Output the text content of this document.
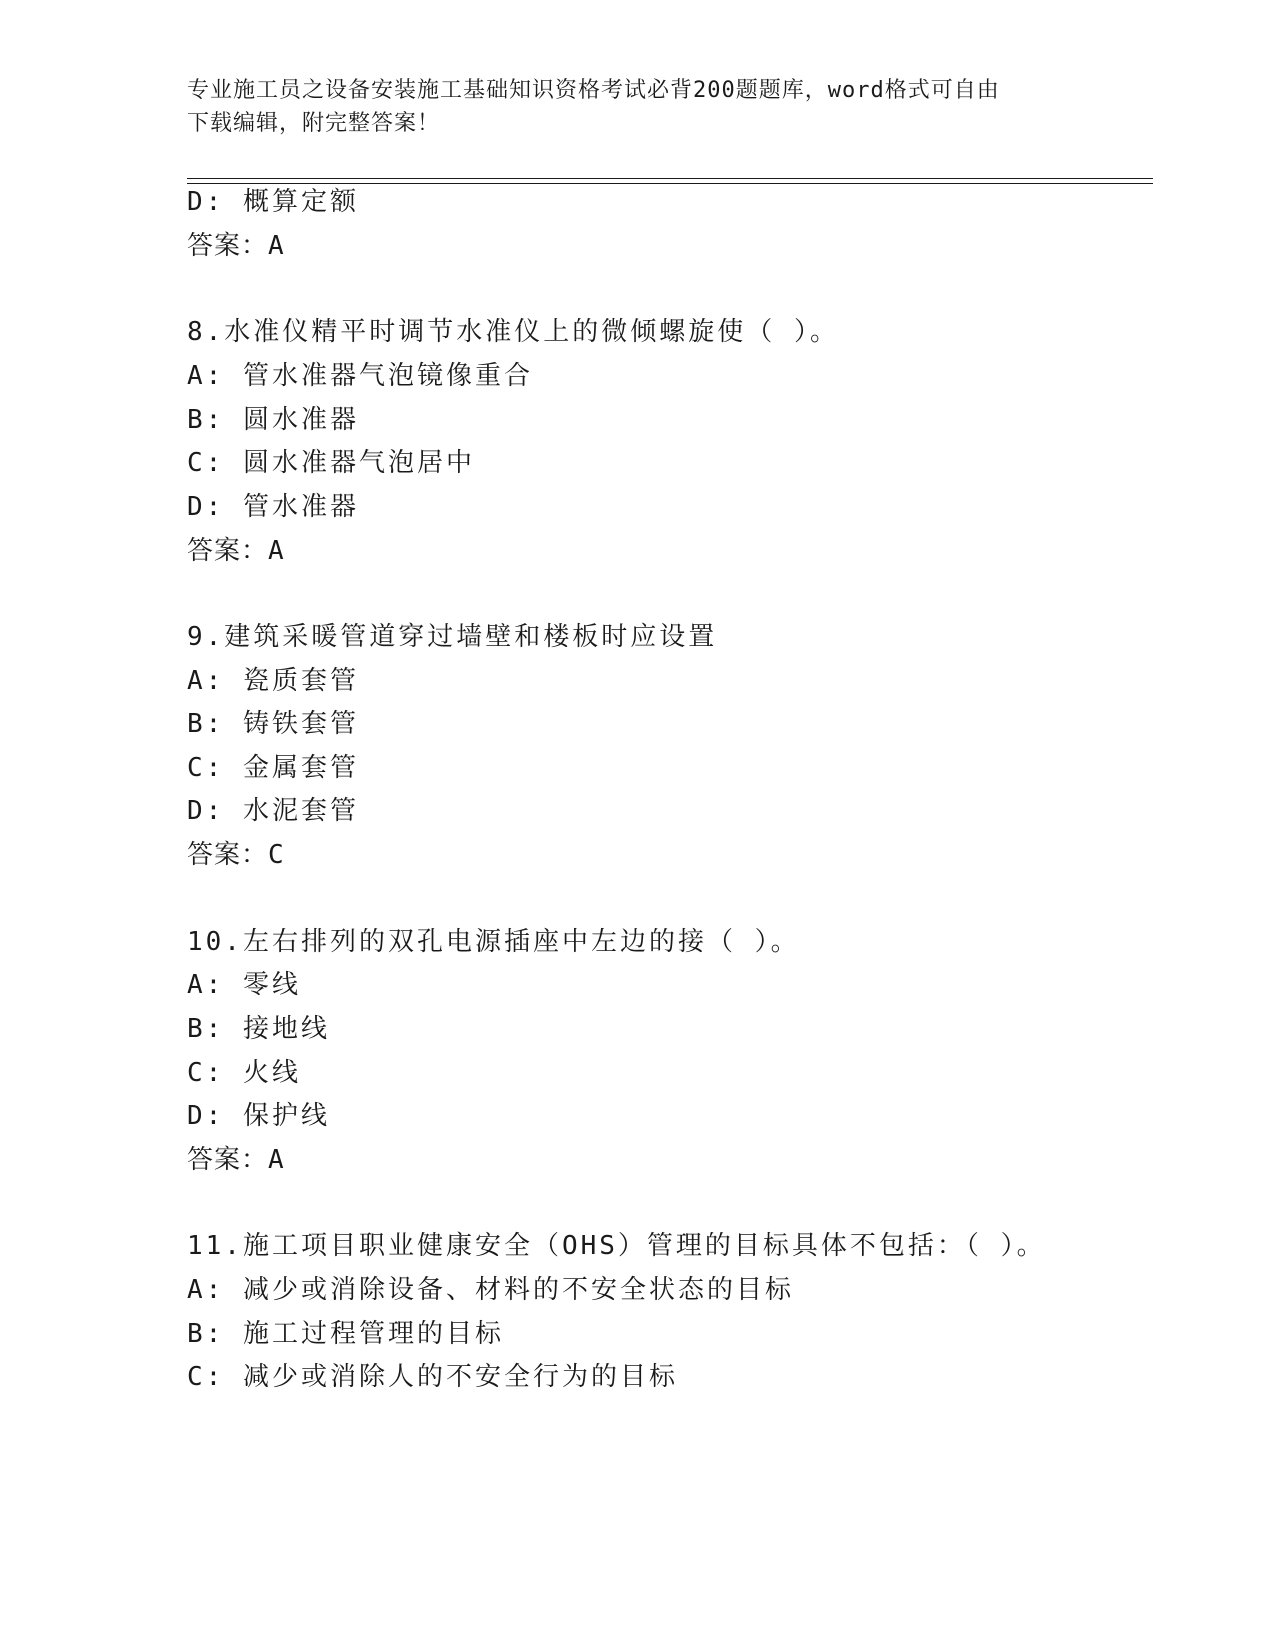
专业施工员之设备安装施工基础知识资格考试必背200题题库，word格式可自由
下载编辑，附完整答案！
D: 概算定额
答案：A
8.水准仪精平时调节水准仪上的微倾螺旋使（ ）。
A: 管水准器气泡镜像重合
B: 圆水准器
C: 圆水准器气泡居中
D: 管水准器
答案：A
9.建筑采暖管道穿过墙壁和楼板时应设置
A: 瓷质套管
B: 铸铁套管
C: 金属套管
D: 水泥套管
答案：C
10.左右排列的双孔电源插座中左边的接（ ）。
A: 零线
B: 接地线
C: 火线
D: 保护线
答案：A
11.施工项目职业健康安全（OHS）管理的目标具体不包括：（ ）。
A: 减少或消除设备、材料的不安全状态的目标
B: 施工过程管理的目标
C: 减少或消除人的不安全行为的目标
